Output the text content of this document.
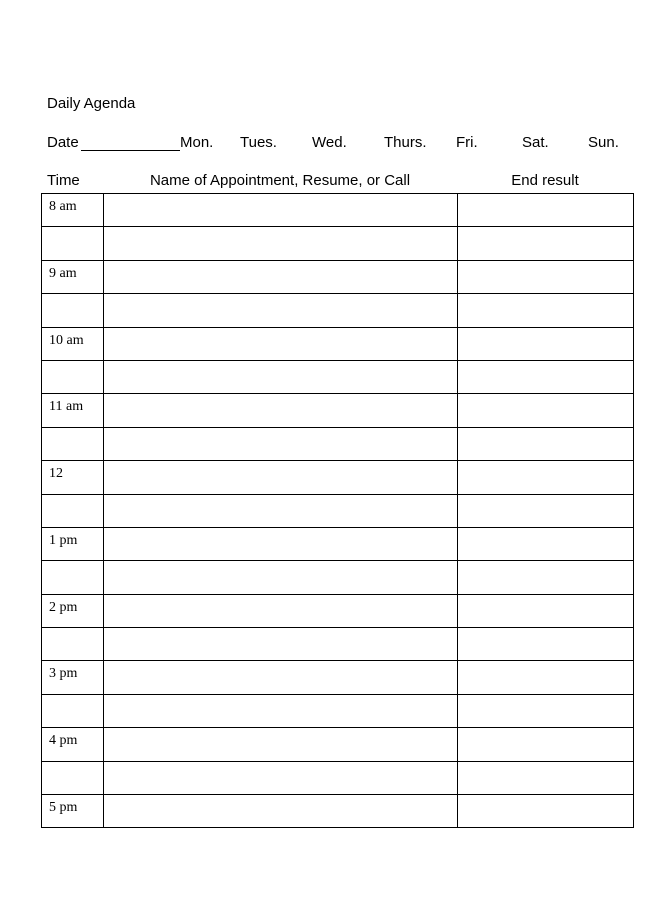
Daily Agenda
Date	Mon. Tues. Wed. Thurs. Fri.	Sat.	Sun.
Time	Name of Appointment, Resume, or Call	End result
8 am		

9 am		

10 am		

11 am		

12		

1 pm		

2 pm		

3 pm		

4 pm		

5 pm		
